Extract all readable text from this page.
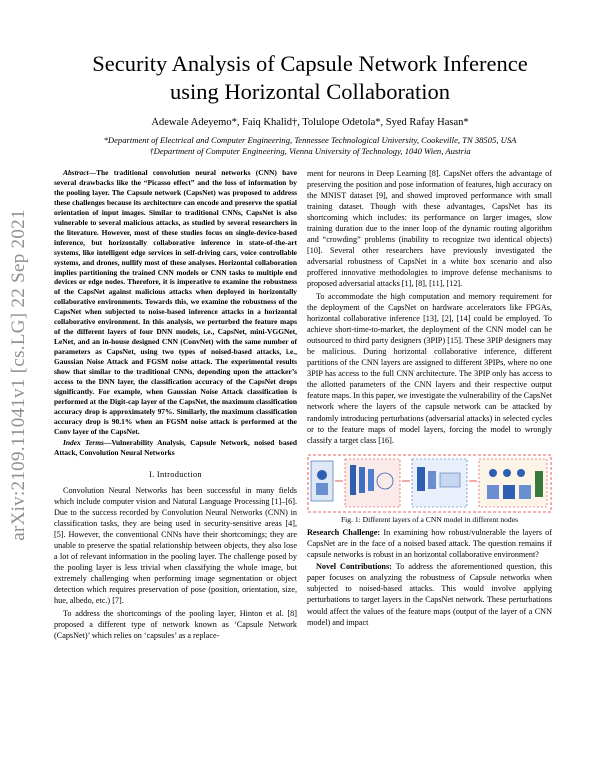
arXiv:2109.11041v1 [cs.LG] 22 Sep 2021
Security Analysis of Capsule Network Inference
using Horizontal Collaboration
Adewale Adeyemo*, Faiq Khalid†, Tolulope Odetola*, Syed Rafay Hasan*
*Department of Electrical and Computer Engineering, Tennessee Technological University, Cookeville, TN 38505, USA
†Department of Computer Engineering, Vienna University of Technology, 1040 Wien, Austria

Abstract—The traditional convolution neural networks (CNN) have several drawbacks like the “Picasso effect” and the loss of information by the pooling layer. The Capsule network (CapsNet) was proposed to address these challenges because its architecture can encode and preserve the spatial orientation of input images. Similar to traditional CNNs, CapsNet is also vulnerable to several malicious attacks, as studied by several researchers in the literature. However, most of these studies focus on single-device-based inference, but horizontally collaborative inference in state-of-the-art systems, like intelligent edge services in self-driving cars, voice controllable systems, and drones, nullify most of these analyses. Horizontal collaboration implies partitioning the trained CNN models or CNN tasks to multiple end devices or edge nodes. Therefore, it is imperative to examine the robustness of the CapsNet against malicious attacks when deployed in horizontally collaborative environments. Towards this, we examine the robustness of the CapsNet when subjected to noise-based inference attacks in a horizontal collaborative environment. In this analysis, we perturbed the feature maps of the different layers of four DNN models, i.e., CapsNet, mini-VGGNet, LeNet, and an in-house designed CNN (ConvNet) with the same number of parameters as CapsNet, using two types of noised-based attacks, i.e., Gaussian Noise Attack and FGSM noise attack. The experimental results show that similar to the traditional CNNs, depending upon the attacker’s access to the DNN layer, the classification accuracy of the CapsNet drops significantly. For example, when Gaussian Noise Attack classification is performed at the Digit-cap layer of the CapsNet, the maximum classification accuracy drop is approximately 97%. Similarly, the maximum classification accuracy drop is 90.1% when an FGSM noise attack is performed at the Conv layer of the CapsNet.

Index Terms—Vulnerability Analysis, Capsule Network, noised based Attack, Convolution Neural Networks

I. Introduction

Convolution Neural Networks has been successful in many fields which include computer vision and Natural Language Processing [1]–[6]. Due to the success recorded by Convolution Neural Networks (CNN) in classification tasks, they are being used in security-sensitive areas [4], [5]. However, the conventional CNNs have their shortcomings; they are unable to preserve the spatial relationship between objects, they also lose a lot of relevant information in the pooling layer. The challenge posed by the pooling layer is less trivial when classifying the whole image, but extremely challenging when performing image segmentation or object detection which requires preservation of pose (position, orientation, size, hue, albedo, etc.) [7].

To address the shortcomings of the pooling layer, Hinton et al. [8] proposed a different type of network known as ‘Capsule Network (CapsNet)’ which relies on ‘capsules’ as a replace-

ment for neurons in Deep Learning [8]. CapsNet offers the advantage of preserving the position and pose information of features, high accuracy on the MNIST dataset [9], and showed improved performance with small training dataset. Though with these advantages, CapsNet has its shortcoming which includes: its performance on larger images, slow training duration due to the inner loop of the dynamic routing algorithm and “crowding” problems (inability to recognize two identical objects) [10]. Several other researchers have previously investigated the adversarial robustness of CapsNet in a white box scenario and also proffered innovative methodologies to improve defense mechanisms to proposed adversarial attacks [1], [8], [11], [12].

To accommodate the high computation and memory requirement for the deployment of the CapsNet on hardware accelerators like FPGAs, horizontal collaborative inference [13], [2], [14] could be employed. To achieve short-time-to-market, the deployment of the CNN model can be outsourced to third party designers (3PIP) [15]. These 3PIP designers may be malicious. During horizontal collaborative inference, different partitions of the CNN layers are assigned to different 3PIPs, where no one 3PIP has access to the full CNN architecture. The 3PIP only has access to the allotted parameters of the CNN layers and their respective output feature maps. In this paper, we investigate the vulnerability of the CapsNet network where the layers of the capsule network can be attacked by randomly introducing perturbations (adversarial attacks) in selected cycles or to the feature maps of model layers, forcing the model to wrongly classify a target class [16].

Fig. 1: Different layers of a CNN model in different nodes

Research Challenge: In examining how robust/vulnerable the layers of CapsNet are in the face of a noised based attack. The question remains if capsule networks is robust in an horizontal collaborative environment?

Novel Contributions: To address the aforementioned question, this paper focuses on analyzing the robustness of Capsule networks when subjected to noised-based attacks. This would involve applying perturbations to target layers in the CapsNet network. These perturbations would affect the values of the feature maps (output of the layer of a CNN model) and impact
